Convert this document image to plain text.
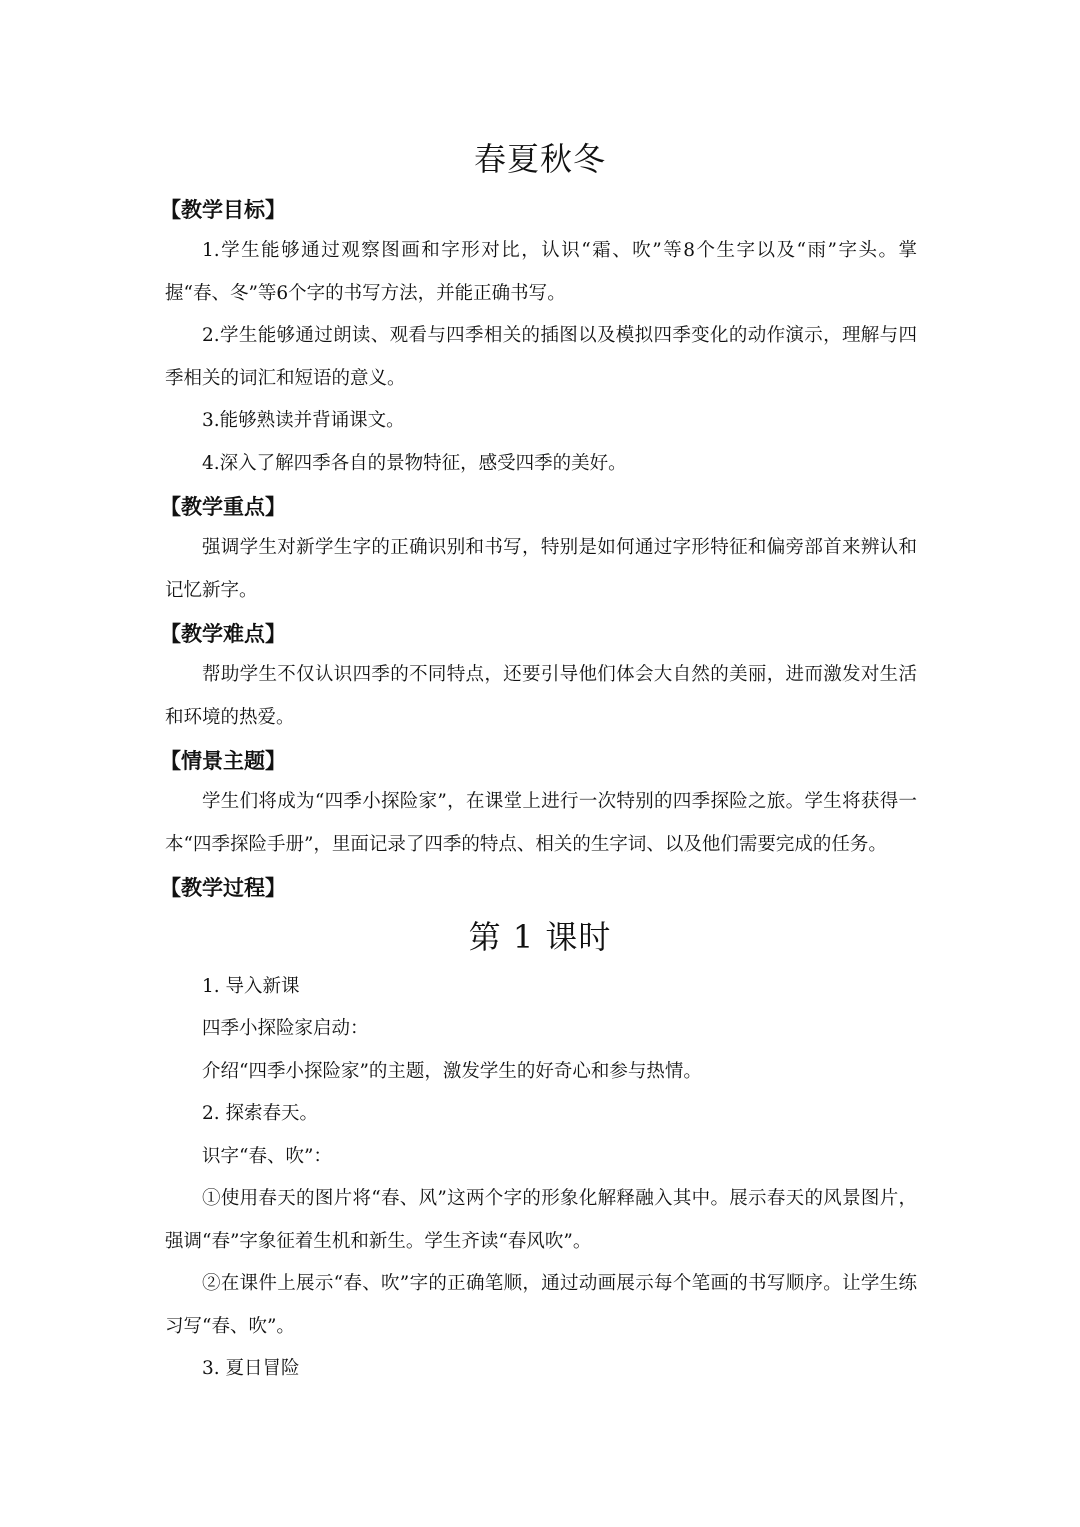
春夏秋冬
【教学目标】

1.学生能够通过观察图画和字形对比，认识“霜、吹”等8个生字以及“雨”字头。掌握“春、冬”等6个字的书写方法，并能正确书写。

2.学生能够通过朗读、观看与四季相关的插图以及模拟四季变化的动作演示，理解与四季相关的词汇和短语的意义。

3.能够熟读并背诵课文。

4.深入了解四季各自的景物特征，感受四季的美好。

【教学重点】

强调学生对新学生字的正确识别和书写，特别是如何通过字形特征和偏旁部首来辨认和记忆新字。

【教学难点】

帮助学生不仅认识四季的不同特点，还要引导他们体会大自然的美丽，进而激发对生活和环境的热爱。

【情景主题】

学生们将成为“四季小探险家”，在课堂上进行一次特别的四季探险之旅。学生将获得一本“四季探险手册”，里面记录了四季的特点、相关的生字词、以及他们需要完成的任务。

【教学过程】
第 1 课时

1. 导入新课

四季小探险家启动：

介绍“四季小探险家”的主题，激发学生的好奇心和参与热情。

2. 探索春天。

识字“春、吹”：

①使用春天的图片将“春、风”这两个字的形象化解释融入其中。展示春天的风景图片，强调“春”字象征着生机和新生。学生齐读“春风吹”。

②在课件上展示“春、吹”字的正确笔顺，通过动画展示每个笔画的书写顺序。让学生练习写“春、吹”。

3. 夏日冒险
